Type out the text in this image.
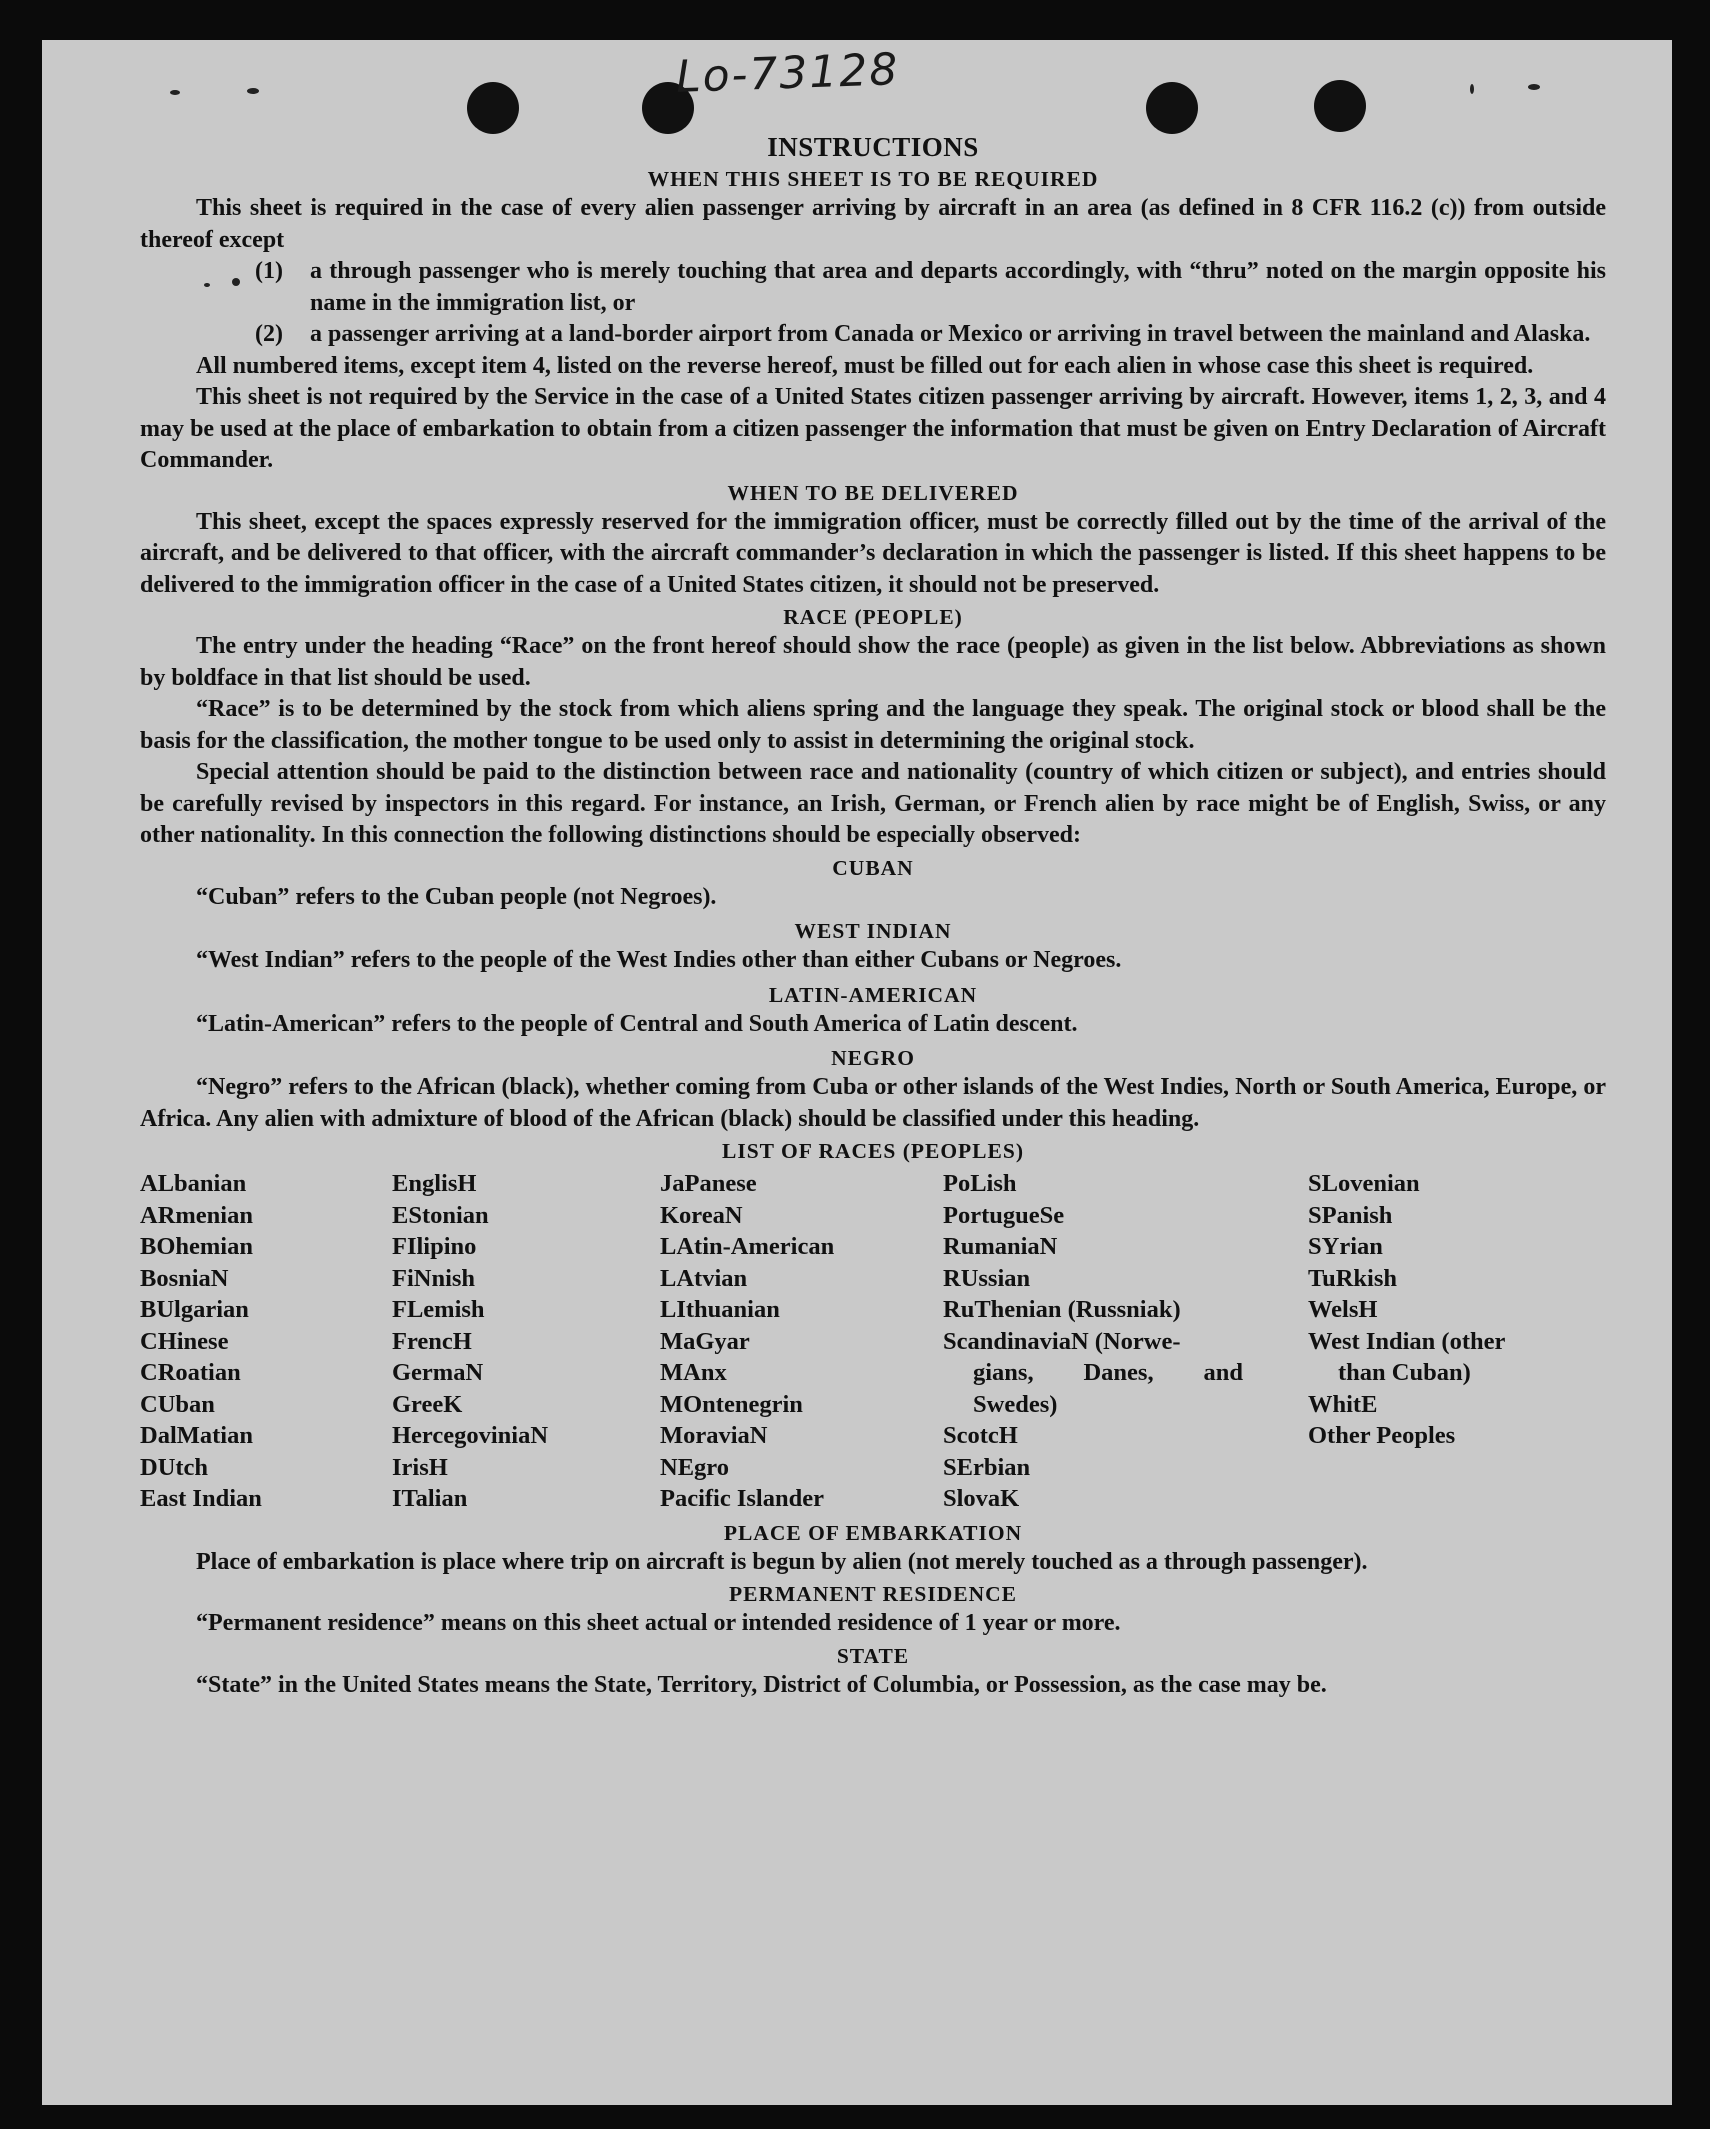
Lo-73128
INSTRUCTIONS
WHEN THIS SHEET IS TO BE REQUIRED

This sheet is required in the case of every alien passenger arriving by aircraft in an area (as defined in 8 CFR 116.2 (c)) from outside thereof except

(1) a through passenger who is merely touching that area and departs accordingly, with “thru” noted on the margin opposite his name in the immigration list, or
(2) a passenger arriving at a land-border airport from Canada or Mexico or arriving in travel between the mainland and Alaska.

All numbered items, except item 4, listed on the reverse hereof, must be filled out for each alien in whose case this sheet is required.

This sheet is not required by the Service in the case of a United States citizen passenger arriving by aircraft. However, items 1, 2, 3, and 4 may be used at the place of embarkation to obtain from a citizen passenger the information that must be given on Entry Declaration of Aircraft Commander.

WHEN TO BE DELIVERED

This sheet, except the spaces expressly reserved for the immigration officer, must be correctly filled out by the time of the arrival of the aircraft, and be delivered to that officer, with the aircraft commander’s declaration in which the passenger is listed. If this sheet happens to be delivered to the immigration officer in the case of a United States citizen, it should not be preserved.

RACE (PEOPLE)

The entry under the heading “Race” on the front hereof should show the race (people) as given in the list below. Abbreviations as shown by boldface in that list should be used.

“Race” is to be determined by the stock from which aliens spring and the language they speak. The original stock or blood shall be the basis for the classification, the mother tongue to be used only to assist in determining the original stock.

Special attention should be paid to the distinction between race and nationality (country of which citizen or subject), and entries should be carefully revised by inspectors in this regard. For instance, an Irish, German, or French alien by race might be of English, Swiss, or any other nationality. In this connection the following distinctions should be especially observed:

CUBAN

“Cuban” refers to the Cuban people (not Negroes).

WEST INDIAN

“West Indian” refers to the people of the West Indies other than either Cubans or Negroes.

LATIN-AMERICAN

“Latin-American” refers to the people of Central and South America of Latin descent.

NEGRO

“Negro” refers to the African (black), whether coming from Cuba or other islands of the West Indies, North or South America, Europe, or Africa. Any alien with admixture of blood of the African (black) should be classified under this heading.

LIST OF RACES (PEOPLES)
ALbanian
ARmenian
BOhemian
BosniaN
BUlgarian
CHinese
CRoatian
CUban
DalMatian
DUtch
East Indian
EnglisH
EStonian
FIlipino
FiNnish
FLemish
FrencH
GermaN
GreeK
HercegoviniaN
IrisH
ITalian
JaPanese
KoreaN
LAtin-American
LAtvian
LIthuanian
MaGyar
MAnx
MOntenegrin
MoraviaN
NEgro
Pacific Islander
PoLish
PortugueSe
RumaniaN
RUssian
RuThenian (Russniak)
ScandinaviaN (Norwe-
gians, Danes, and
Swedes)
ScotcH
SErbian
SlovaK
SLovenian
SPanish
SYrian
TuRkish
WelsH
West Indian (other
than Cuban)
WhitE
Other Peoples
PLACE OF EMBARKATION

Place of embarkation is place where trip on aircraft is begun by alien (not merely touched as a through passenger).

PERMANENT RESIDENCE

“Permanent residence” means on this sheet actual or intended residence of 1 year or more.

STATE

“State” in the United States means the State, Territory, District of Columbia, or Possession, as the case may be.
